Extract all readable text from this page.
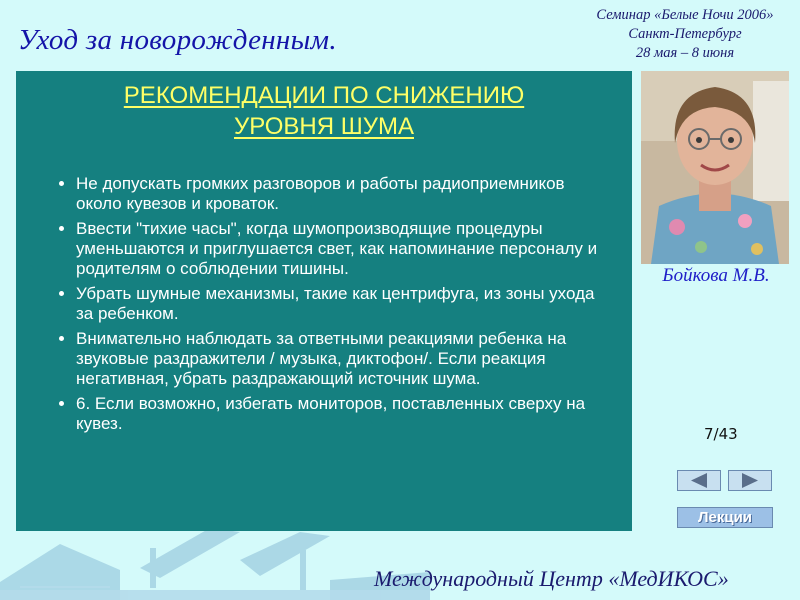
Уход за новорожденным.
Семинар «Белые Ночи 2006»
Санкт-Петербург
28 мая – 8 июня
РЕКОМЕНДАЦИИ ПО СНИЖЕНИЮ
УРОВНЯ ШУМА
• Не допускать громких разговоров и работы радиоприемников около кувезов и кроваток.
• Ввести "тихие часы", когда шумопроизводящие процедуры уменьшаются и приглушается свет, как напоминание персоналу и родителям о соблюдении тишины.
• Убрать шумные механизмы, такие как центрифуга, из зоны ухода за ребенком.
• Внимательно наблюдать за ответными реакциями ребенка на звуковые раздражители / музыка, диктофон/. Если реакция негативная, убрать раздражающий источник шума.
• 6. Если возможно, избегать мониторов, поставленных сверху на кувез.
Бойкова М.В.
7/43
Лекции
Международный Центр «МедИКОС»
